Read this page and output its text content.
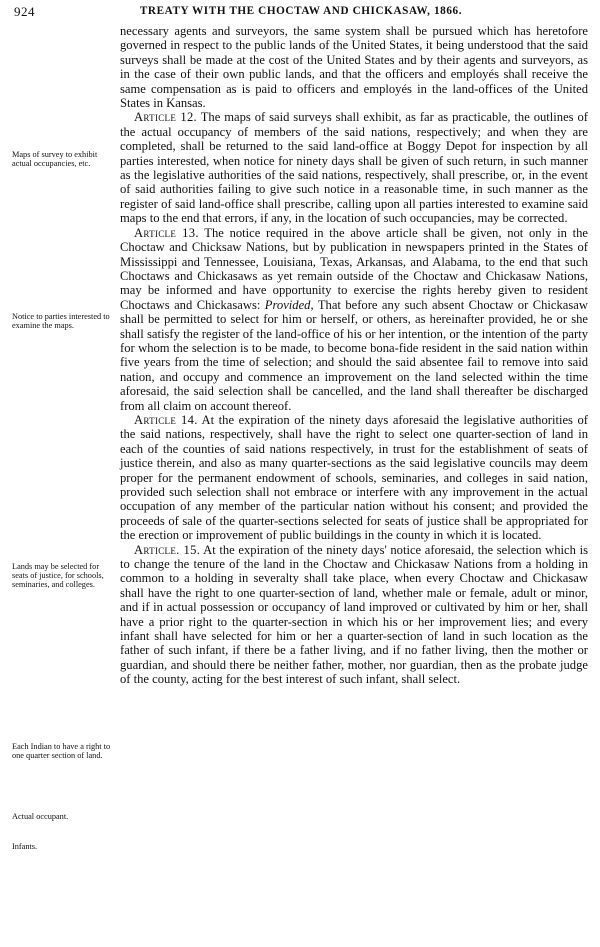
924	TREATY WITH THE CHOCTAW AND CHICKASAW, 1866.
Maps of survey to exhibit actual occupancies, etc.
Notice to parties interested to examine the maps.
Lands may be selected for seats of justice, for schools, seminaries, and colleges.
Each Indian to have a right to one quarter section of land.
Actual occupant.
Infants.

necessary agents and surveyors, the same system shall be pursued which has heretofore governed in respect to the public lands of the United States, it being understood that the said surveys shall be made at the cost of the United States and by their agents and surveyors, as in the case of their own public lands, and that the officers and employés shall receive the same compensation as is paid to officers and employés in the land-offices of the United States in Kansas.

Article 12. The maps of said surveys shall exhibit, as far as practicable, the outlines of the actual occupancy of members of the said nations, respectively; and when they are completed, shall be returned to the said land-office at Boggy Depot for inspection by all parties interested, when notice for ninety days shall be given of such return, in such manner as the legislative authorities of the said nations, respectively, shall prescribe, or, in the event of said authorities failing to give such notice in a reasonable time, in such manner as the register of said land-office shall prescribe, calling upon all parties interested to examine said maps to the end that errors, if any, in the location of such occupancies, may be corrected.

Article 13. The notice required in the above article shall be given, not only in the Choctaw and Chicksaw Nations, but by publication in newspapers printed in the States of Mississippi and Tennessee, Louisiana, Texas, Arkansas, and Alabama, to the end that such Choctaws and Chickasaws as yet remain outside of the Choctaw and Chickasaw Nations, may be informed and have opportunity to exercise the rights hereby given to resident Choctaws and Chickasaws: Provided, That before any such absent Choctaw or Chickasaw shall be permitted to select for him or herself, or others, as hereinafter provided, he or she shall satisfy the register of the land-office of his or her intention, or the intention of the party for whom the selection is to be made, to become bona-fide resident in the said nation within five years from the time of selection; and should the said absentee fail to remove into said nation, and occupy and commence an improvement on the land selected within the time aforesaid, the said selection shall be cancelled, and the land shall thereafter be discharged from all claim on account thereof.

Article 14. At the expiration of the ninety days aforesaid the legislative authorities of the said nations, respectively, shall have the right to select one quarter-section of land in each of the counties of said nations respectively, in trust for the establishment of seats of justice therein, and also as many quarter-sections as the said legislative councils may deem proper for the permanent endowment of schools, seminaries, and colleges in said nation, provided such selection shall not embrace or interfere with any improvement in the actual occupation of any member of the particular nation without his consent; and provided the proceeds of sale of the quarter-sections selected for seats of justice shall be appropriated for the erection or improvement of public buildings in the county in which it is located.

Article. 15. At the expiration of the ninety days' notice aforesaid, the selection which is to change the tenure of the land in the Choctaw and Chickasaw Nations from a holding in common to a holding in severalty shall take place, when every Choctaw and Chickasaw shall have the right to one quarter-section of land, whether male or female, adult or minor, and if in actual possession or occupancy of land improved or cultivated by him or her, shall have a prior right to the quarter-section in which his or her improvement lies; and every infant shall have selected for him or her a quarter-section of land in such location as the father of such infant, if there be a father living, and if no father living, then the mother or guardian, and should there be neither father, mother, nor guardian, then as the probate judge of the county, acting for the best interest of such infant, shall select.
